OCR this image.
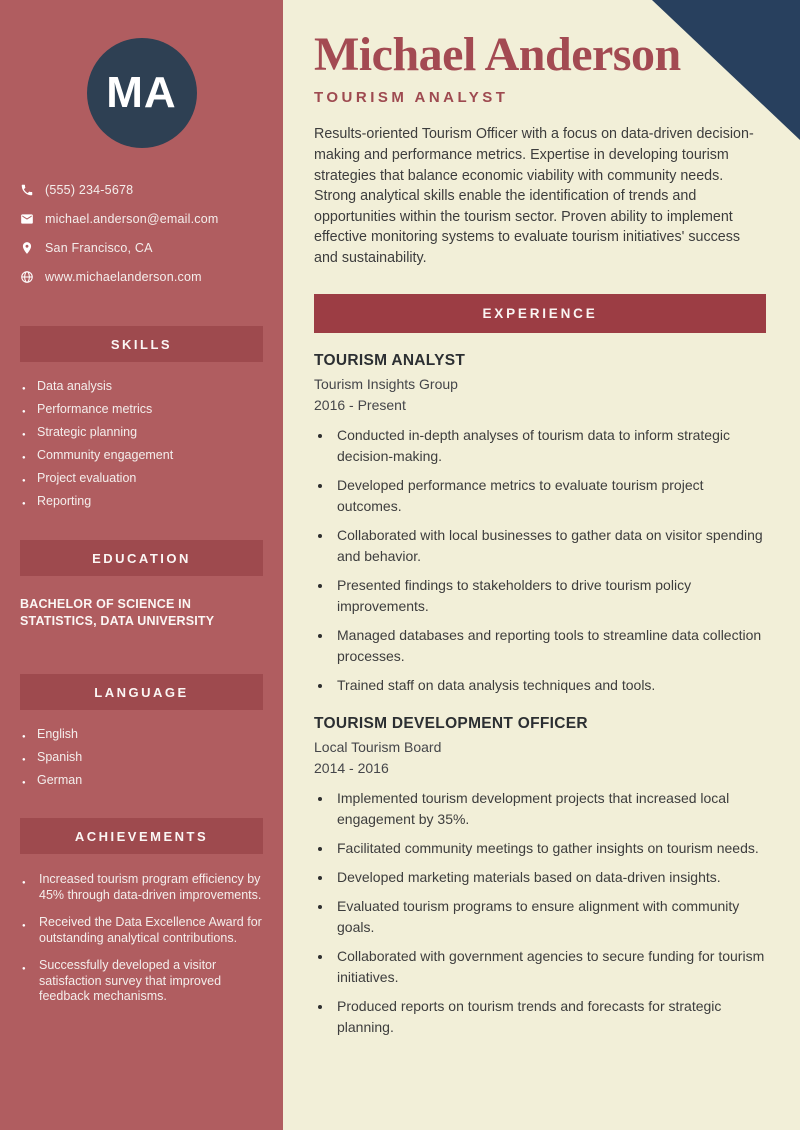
MA
(555) 234-5678
michael.anderson@email.com
San Francisco, CA
www.michaelanderson.com
SKILLS
● Data analysis
● Performance metrics
● Strategic planning
● Community engagement
● Project evaluation
● Reporting
EDUCATION
BACHELOR OF SCIENCE IN STATISTICS, DATA UNIVERSITY
LANGUAGE
● English
● Spanish
● German
ACHIEVEMENTS
● Increased tourism program efficiency by 45% through data-driven improvements.
● Received the Data Excellence Award for outstanding analytical contributions.
● Successfully developed a visitor satisfaction survey that improved feedback mechanisms.
Michael Anderson
TOURISM ANALYST

Results-oriented Tourism Officer with a focus on data-driven decision-making and performance metrics. Expertise in developing tourism strategies that balance economic viability with community needs. Strong analytical skills enable the identification of trends and opportunities within the tourism sector. Proven ability to implement effective monitoring systems to evaluate tourism initiatives' success and sustainability.

EXPERIENCE
TOURISM ANALYST
Tourism Insights Group
2016 - Present
• Conducted in-depth analyses of tourism data to inform strategic decision-making.
• Developed performance metrics to evaluate tourism project outcomes.
• Collaborated with local businesses to gather data on visitor spending and behavior.
• Presented findings to stakeholders to drive tourism policy improvements.
• Managed databases and reporting tools to streamline data collection processes.
• Trained staff on data analysis techniques and tools.
TOURISM DEVELOPMENT OFFICER
Local Tourism Board
2014 - 2016
• Implemented tourism development projects that increased local engagement by 35%.
• Facilitated community meetings to gather insights on tourism needs.
• Developed marketing materials based on data-driven insights.
• Evaluated tourism programs to ensure alignment with community goals.
• Collaborated with government agencies to secure funding for tourism initiatives.
• Produced reports on tourism trends and forecasts for strategic planning.
